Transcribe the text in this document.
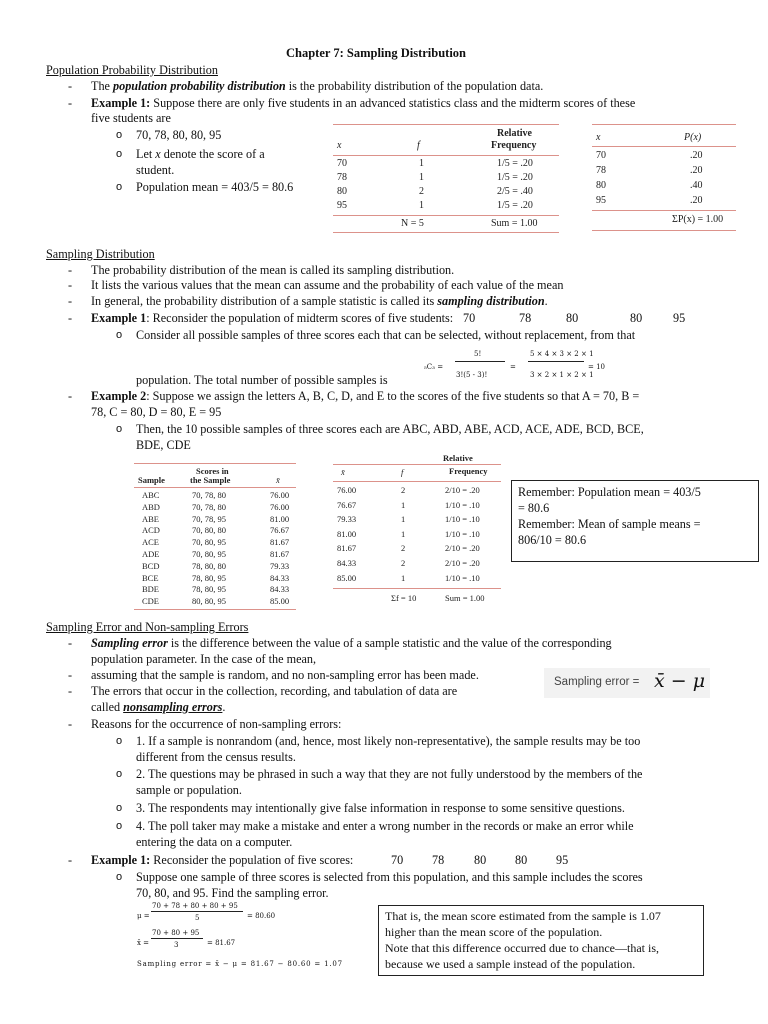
Chapter 7: Sampling Distribution
Population Probability Distribution
- The population probability distribution is the probability distribution of the population data.
- Example 1: Suppose there are only five students in an advanced statistics class and the midterm scores of these
five students are
o 70, 78, 80, 80, 95
o Let x denote the score of a
student.
o Population mean = 403/5 = 80.6
x	f
Relative
Frequency
70	1	1/5 = .20
78	1	1/5 = .20
80	2	2/5 = .40
95	1	1/5 = .20
N = 5	Sum = 1.00
x	P(x)
70	.20
78	.20
80	.40
95	.20
ΣP(x) = 1.00
Sampling Distribution
- The probability distribution of the mean is called its sampling distribution.
- It lists the various values that the mean can assume and the probability of each value of the mean
- In general, the probability distribution of a sample statistic is called its sampling distribution.
- Example 1: Reconsider the population of midterm scores of five students: 70	78	80	80	95
o Consider all possible samples of three scores each that can be selected, without replacement, from that
population. The total number of possible samples is
₅C₃ =
5!
3!(5 - 3)!
=
5 × 4 × 3 × 2 × 1
3 × 2 × 1 × 2 × 1
= 10
- Example 2: Suppose we assign the letters A, B, C, D, and E to the scores of the five students so that A = 70, B =
78, C = 80, D = 80, E = 95
o Then, the 10 possible samples of three scores each are ABC, ABD, ABE, ACD, ACE, ADE, BCD, BCE,
BDE, CDE
Sample
Scores in
the Sample	x̄
ABC	70, 78, 80	76.00
ABD	70, 78, 80	76.00
ABE	70, 78, 95	81.00
ACD	70, 80, 80	76.67
ACE	70, 80, 95	81.67
ADE	70, 80, 95	81.67
BCD	78, 80, 80	79.33
BCE	78, 80, 95	84.33
BDE	78, 80, 95	84.33
CDE	80, 80, 95	85.00
Relative
x̄	f	Frequency
76.00	2	2/10 = .20
76.67	1	1/10 = .10
79.33	1	1/10 = .10
81.00	1	1/10 = .10
81.67	2	2/10 = .20
84.33	2	2/10 = .20
85.00	1	1/10 = .10
Σf = 10	Sum = 1.00
Remember: Population mean = 403/5
= 80.6
Remember: Mean of sample means =
806/10 = 80.6
Sampling Error and Non-sampling Errors
- Sampling error is the difference between the value of a sample statistic and the value of the corresponding
population parameter. In the case of the mean,
- assuming that the sample is random, and no non-sampling error has been made.
- The errors that occur in the collection, recording, and tabulation of data are
called nonsampling errors.
Sampling error = x̄ − μ
- Reasons for the occurrence of non-sampling errors:
o 1. If a sample is nonrandom (and, hence, most likely non-representative), the sample results may be too
different from the census results.
o 2. The questions may be phrased in such a way that they are not fully understood by the members of the
sample or population.
o 3. The respondents may intentionally give false information in response to some sensitive questions.
o 4. The poll taker may make a mistake and enter a wrong number in the records or make an error while
entering the data on a computer.
- Example 1: Reconsider the population of five scores:	70 78 80 80 95
o Suppose one sample of three scores is selected from this population, and this sample includes the scores
70, 80, and 95. Find the sampling error.
μ =
70 + 78 + 80 + 80 + 95
5	= 80.60
x̄ =
70 + 80 + 95
3	= 81.67
Sampling error = x̄ − μ = 81.67 − 80.60 = 1.07
That is, the mean score estimated from the sample is 1.07
higher than the mean score of the population.
Note that this difference occurred due to chance—that is,
because we used a sample instead of the population.
